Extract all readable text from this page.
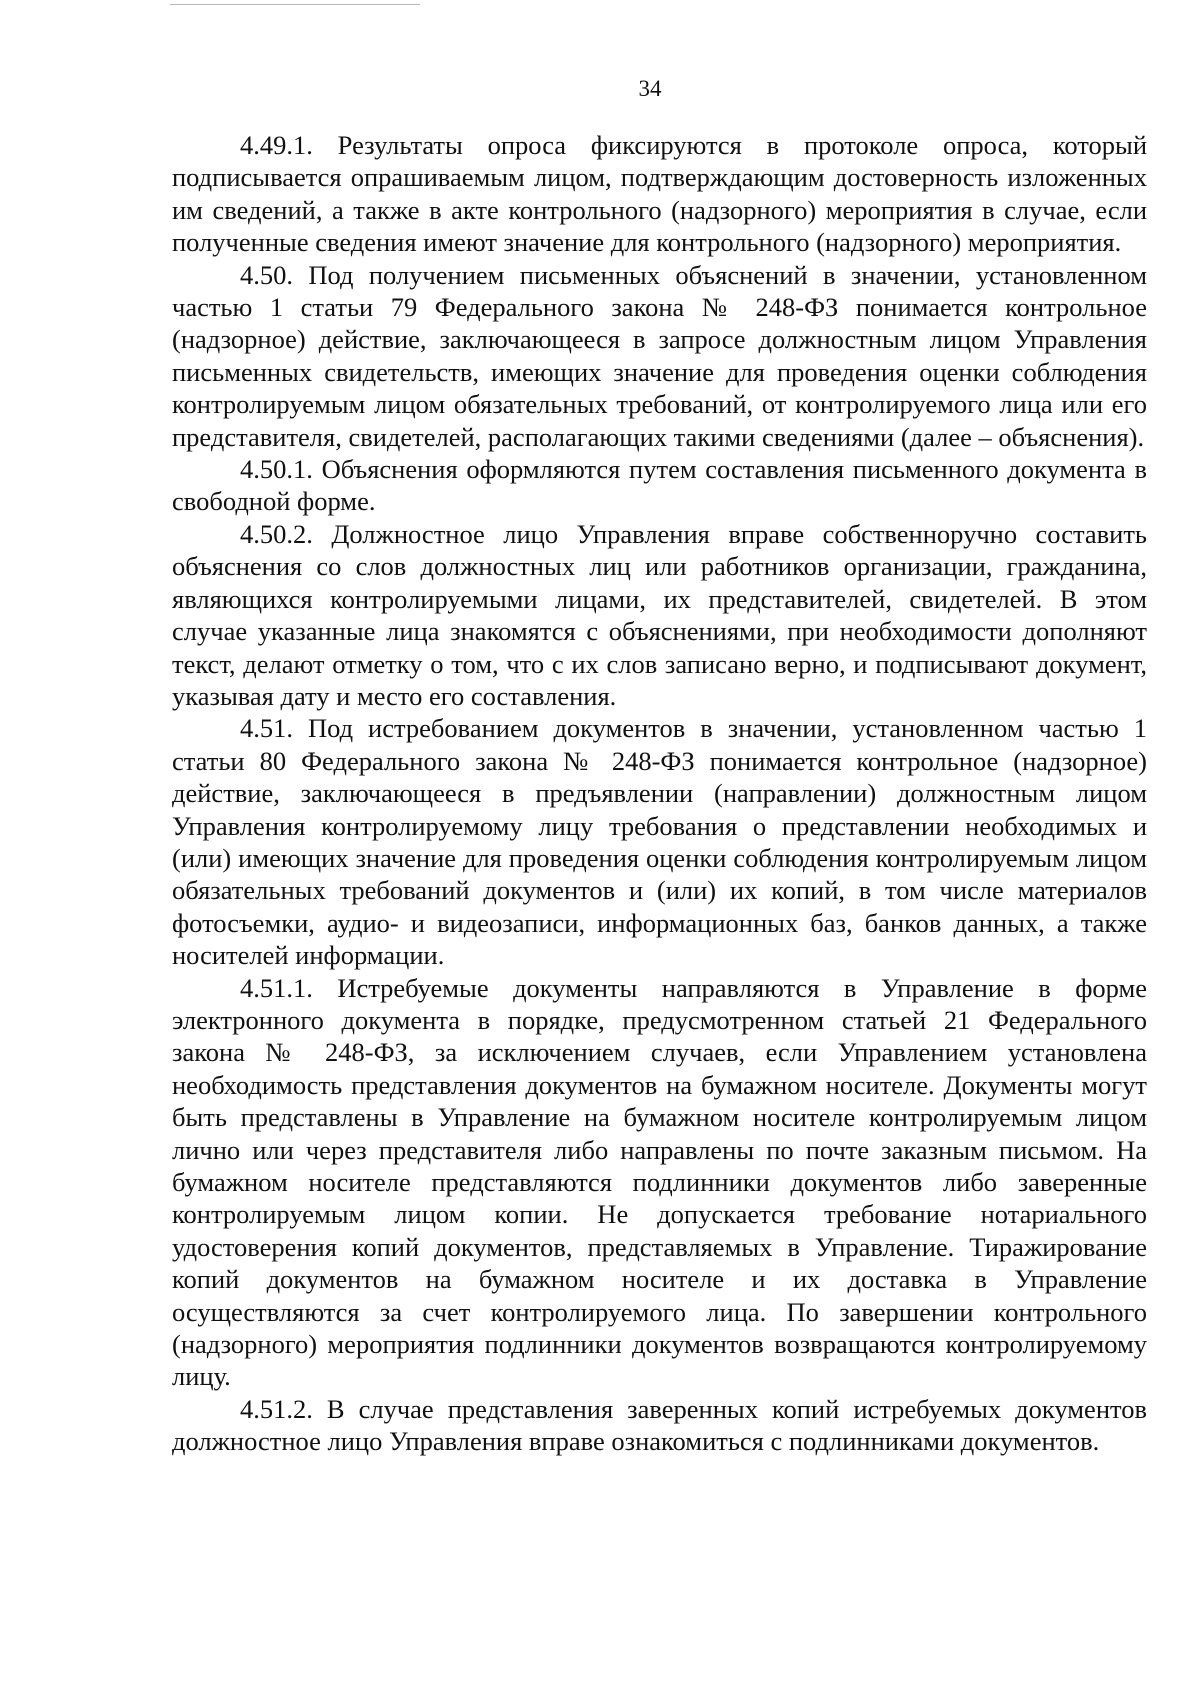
34

4.49.1. Результаты опроса фиксируются в протоколе опроса, который подписывается опрашиваемым лицом, подтверждающим достоверность изложенных им сведений, а также в акте контрольного (надзорного) мероприятия в случае, если полученные сведения имеют значение для контрольного (надзорного) мероприятия.

4.50. Под получением письменных объяснений в значении, установленном частью 1 статьи 79 Федерального закона № 248-ФЗ понимается контрольное (надзорное) действие, заключающееся в запросе должностным лицом Управления письменных свидетельств, имеющих значение для проведения оценки соблюдения контролируемым лицом обязательных требований, от контролируемого лица или его представителя, свидетелей, располагающих такими сведениями (далее – объяснения).

4.50.1. Объяснения оформляются путем составления письменного документа в свободной форме.

4.50.2. Должностное лицо Управления вправе собственноручно составить объяснения со слов должностных лиц или работников организации, гражданина, являющихся контролируемыми лицами, их представителей, свидетелей. В этом случае указанные лица знакомятся с объяснениями, при необходимости дополняют текст, делают отметку о том, что с их слов записано верно, и подписывают документ, указывая дату и место его составления.

4.51. Под истребованием документов в значении, установленном частью 1 статьи 80 Федерального закона № 248-ФЗ понимается контрольное (надзорное) действие, заключающееся в предъявлении (направлении) должностным лицом Управления контролируемому лицу требования о представлении необходимых и (или) имеющих значение для проведения оценки соблюдения контролируемым лицом обязательных требований документов и (или) их копий, в том числе материалов фотосъемки, аудио- и видеозаписи, информационных баз, банков данных, а также носителей информации.

4.51.1. Истребуемые документы направляются в Управление в форме электронного документа в порядке, предусмотренном статьей 21 Федерального закона № 248-ФЗ, за исключением случаев, если Управлением установлена необходимость представления документов на бумажном носителе. Документы могут быть представлены в Управление на бумажном носителе контролируемым лицом лично или через представителя либо направлены по почте заказным письмом. На бумажном носителе представляются подлинники документов либо заверенные контролируемым лицом копии. Не допускается требование нотариального удостоверения копий документов, представляемых в Управление. Тиражирование копий документов на бумажном носителе и их доставка в Управление осуществляются за счет контролируемого лица. По завершении контрольного (надзорного) мероприятия подлинники документов возвращаются контролируемому лицу.

4.51.2. В случае представления заверенных копий истребуемых документов должностное лицо Управления вправе ознакомиться с подлинниками документов.
